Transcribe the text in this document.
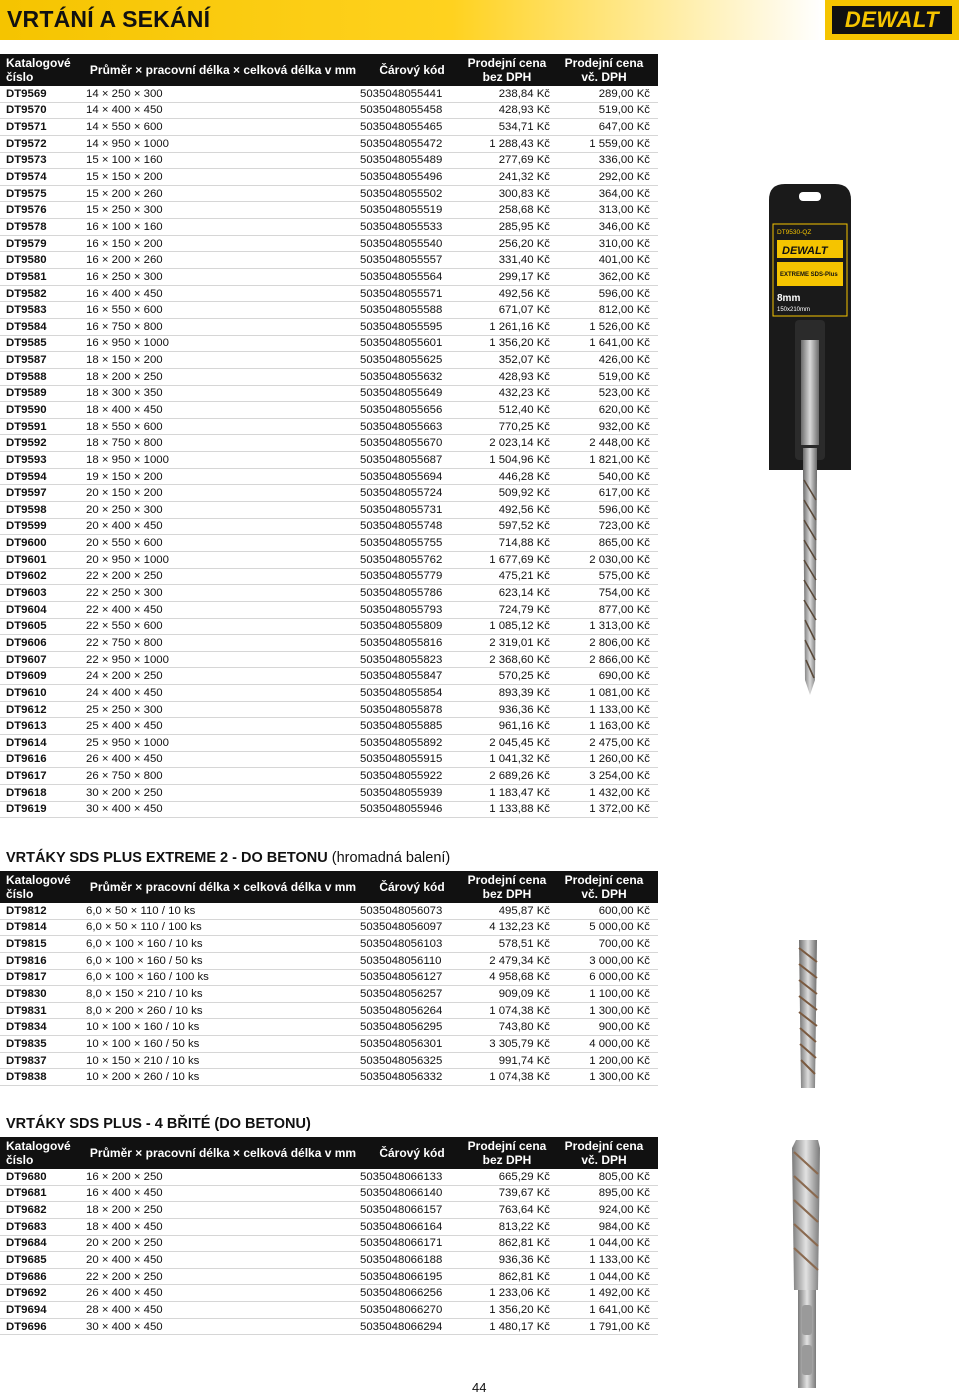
VRTÁNÍ A SEKÁNÍ	DEWALT
Katalogové číslo	Průměr × pracovní délka × celková délka v mm	Čárový kód	Prodejní cena bez DPH	Prodejní cena vč. DPH
DT9569	14 × 250 × 300	5035048055441	238,84 Kč	289,00 Kč
DT9570	14 × 400 × 450	5035048055458	428,93 Kč	519,00 Kč
DT9571	14 × 550 × 600	5035048055465	534,71 Kč	647,00 Kč
DT9572	14 × 950 × 1000	5035048055472	1 288,43 Kč	1 559,00 Kč
DT9573	15 × 100 × 160	5035048055489	277,69 Kč	336,00 Kč
DT9574	15 × 150 × 200	5035048055496	241,32 Kč	292,00 Kč
DT9575	15 × 200 × 260	5035048055502	300,83 Kč	364,00 Kč
DT9576	15 × 250 × 300	5035048055519	258,68 Kč	313,00 Kč
DT9578	16 × 100 × 160	5035048055533	285,95 Kč	346,00 Kč
DT9579	16 × 150 × 200	5035048055540	256,20 Kč	310,00 Kč
DT9580	16 × 200 × 260	5035048055557	331,40 Kč	401,00 Kč
DT9581	16 × 250 × 300	5035048055564	299,17 Kč	362,00 Kč
DT9582	16 × 400 × 450	5035048055571	492,56 Kč	596,00 Kč
DT9583	16 × 550 × 600	5035048055588	671,07 Kč	812,00 Kč
DT9584	16 × 750 × 800	5035048055595	1 261,16 Kč	1 526,00 Kč
DT9585	16 × 950 × 1000	5035048055601	1 356,20 Kč	1 641,00 Kč
DT9587	18 × 150 × 200	5035048055625	352,07 Kč	426,00 Kč
DT9588	18 × 200 × 250	5035048055632	428,93 Kč	519,00 Kč
DT9589	18 × 300 × 350	5035048055649	432,23 Kč	523,00 Kč
DT9590	18 × 400 × 450	5035048055656	512,40 Kč	620,00 Kč
DT9591	18 × 550 × 600	5035048055663	770,25 Kč	932,00 Kč
DT9592	18 × 750 × 800	5035048055670	2 023,14 Kč	2 448,00 Kč
DT9593	18 × 950 × 1000	5035048055687	1 504,96 Kč	1 821,00 Kč
DT9594	19 × 150 × 200	5035048055694	446,28 Kč	540,00 Kč
DT9597	20 × 150 × 200	5035048055724	509,92 Kč	617,00 Kč
DT9598	20 × 250 × 300	5035048055731	492,56 Kč	596,00 Kč
DT9599	20 × 400 × 450	5035048055748	597,52 Kč	723,00 Kč
DT9600	20 × 550 × 600	5035048055755	714,88 Kč	865,00 Kč
DT9601	20 × 950 × 1000	5035048055762	1 677,69 Kč	2 030,00 Kč
DT9602	22 × 200 × 250	5035048055779	475,21 Kč	575,00 Kč
DT9603	22 × 250 × 300	5035048055786	623,14 Kč	754,00 Kč
DT9604	22 × 400 × 450	5035048055793	724,79 Kč	877,00 Kč
DT9605	22 × 550 × 600	5035048055809	1 085,12 Kč	1 313,00 Kč
DT9606	22 × 750 × 800	5035048055816	2 319,01 Kč	2 806,00 Kč
DT9607	22 × 950 × 1000	5035048055823	2 368,60 Kč	2 866,00 Kč
DT9609	24 × 200 × 250	5035048055847	570,25 Kč	690,00 Kč
DT9610	24 × 400 × 450	5035048055854	893,39 Kč	1 081,00 Kč
DT9612	25 × 250 × 300	5035048055878	936,36 Kč	1 133,00 Kč
DT9613	25 × 400 × 450	5035048055885	961,16 Kč	1 163,00 Kč
DT9614	25 × 950 × 1000	5035048055892	2 045,45 Kč	2 475,00 Kč
DT9616	26 × 400 × 450	5035048055915	1 041,32 Kč	1 260,00 Kč
DT9617	26 × 750 × 800	5035048055922	2 689,26 Kč	3 254,00 Kč
DT9618	30 × 200 × 250	5035048055939	1 183,47 Kč	1 432,00 Kč
DT9619	30 × 400 × 450	5035048055946	1 133,88 Kč	1 372,00 Kč
VRTÁKY SDS PLUS EXTREME 2 - DO BETONU (hromadná balení)
Katalogové číslo	Průměr × pracovní délka × celková délka v mm	Čárový kód	Prodejní cena bez DPH	Prodejní cena vč. DPH
DT9812	6,0 × 50 × 110 / 10 ks	5035048056073	495,87 Kč	600,00 Kč
DT9814	6,0 × 50 × 110 / 100 ks	5035048056097	4 132,23 Kč	5 000,00 Kč
DT9815	6,0 × 100 × 160 / 10 ks	5035048056103	578,51 Kč	700,00 Kč
DT9816	6,0 × 100 × 160 / 50 ks	5035048056110	2 479,34 Kč	3 000,00 Kč
DT9817	6,0 × 100 × 160 / 100 ks	5035048056127	4 958,68 Kč	6 000,00 Kč
DT9830	8,0 × 150 × 210 / 10 ks	5035048056257	909,09 Kč	1 100,00 Kč
DT9831	8,0 × 200 × 260 / 10 ks	5035048056264	1 074,38 Kč	1 300,00 Kč
DT9834	10 × 100 × 160 / 10 ks	5035048056295	743,80 Kč	900,00 Kč
DT9835	10 × 100 × 160 / 50 ks	5035048056301	3 305,79 Kč	4 000,00 Kč
DT9837	10 × 150 × 210 / 10 ks	5035048056325	991,74 Kč	1 200,00 Kč
DT9838	10 × 200 × 260 / 10 ks	5035048056332	1 074,38 Kč	1 300,00 Kč
VRTÁKY SDS PLUS - 4 BŘITÉ (DO BETONU)
Katalogové číslo	Průměr × pracovní délka × celková délka v mm	Čárový kód	Prodejní cena bez DPH	Prodejní cena vč. DPH
DT9680	16 × 200 × 250	5035048066133	665,29 Kč	805,00 Kč
DT9681	16 × 400 × 450	5035048066140	739,67 Kč	895,00 Kč
DT9682	18 × 200 × 250	5035048066157	763,64 Kč	924,00 Kč
DT9683	18 × 400 × 450	5035048066164	813,22 Kč	984,00 Kč
DT9684	20 × 200 × 250	5035048066171	862,81 Kč	1 044,00 Kč
DT9685	20 × 400 × 450	5035048066188	936,36 Kč	1 133,00 Kč
DT9686	22 × 200 × 250	5035048066195	862,81 Kč	1 044,00 Kč
DT9692	26 × 400 × 450	5035048066256	1 233,06 Kč	1 492,00 Kč
DT9694	28 × 400 × 450	5035048066270	1 356,20 Kč	1 641,00 Kč
DT9696	30 × 400 × 450	5035048066294	1 480,17 Kč	1 791,00 Kč
DT9530-QZ
DEWALT
EXTREME SDS-Plus
8mm
150x210mm
44
